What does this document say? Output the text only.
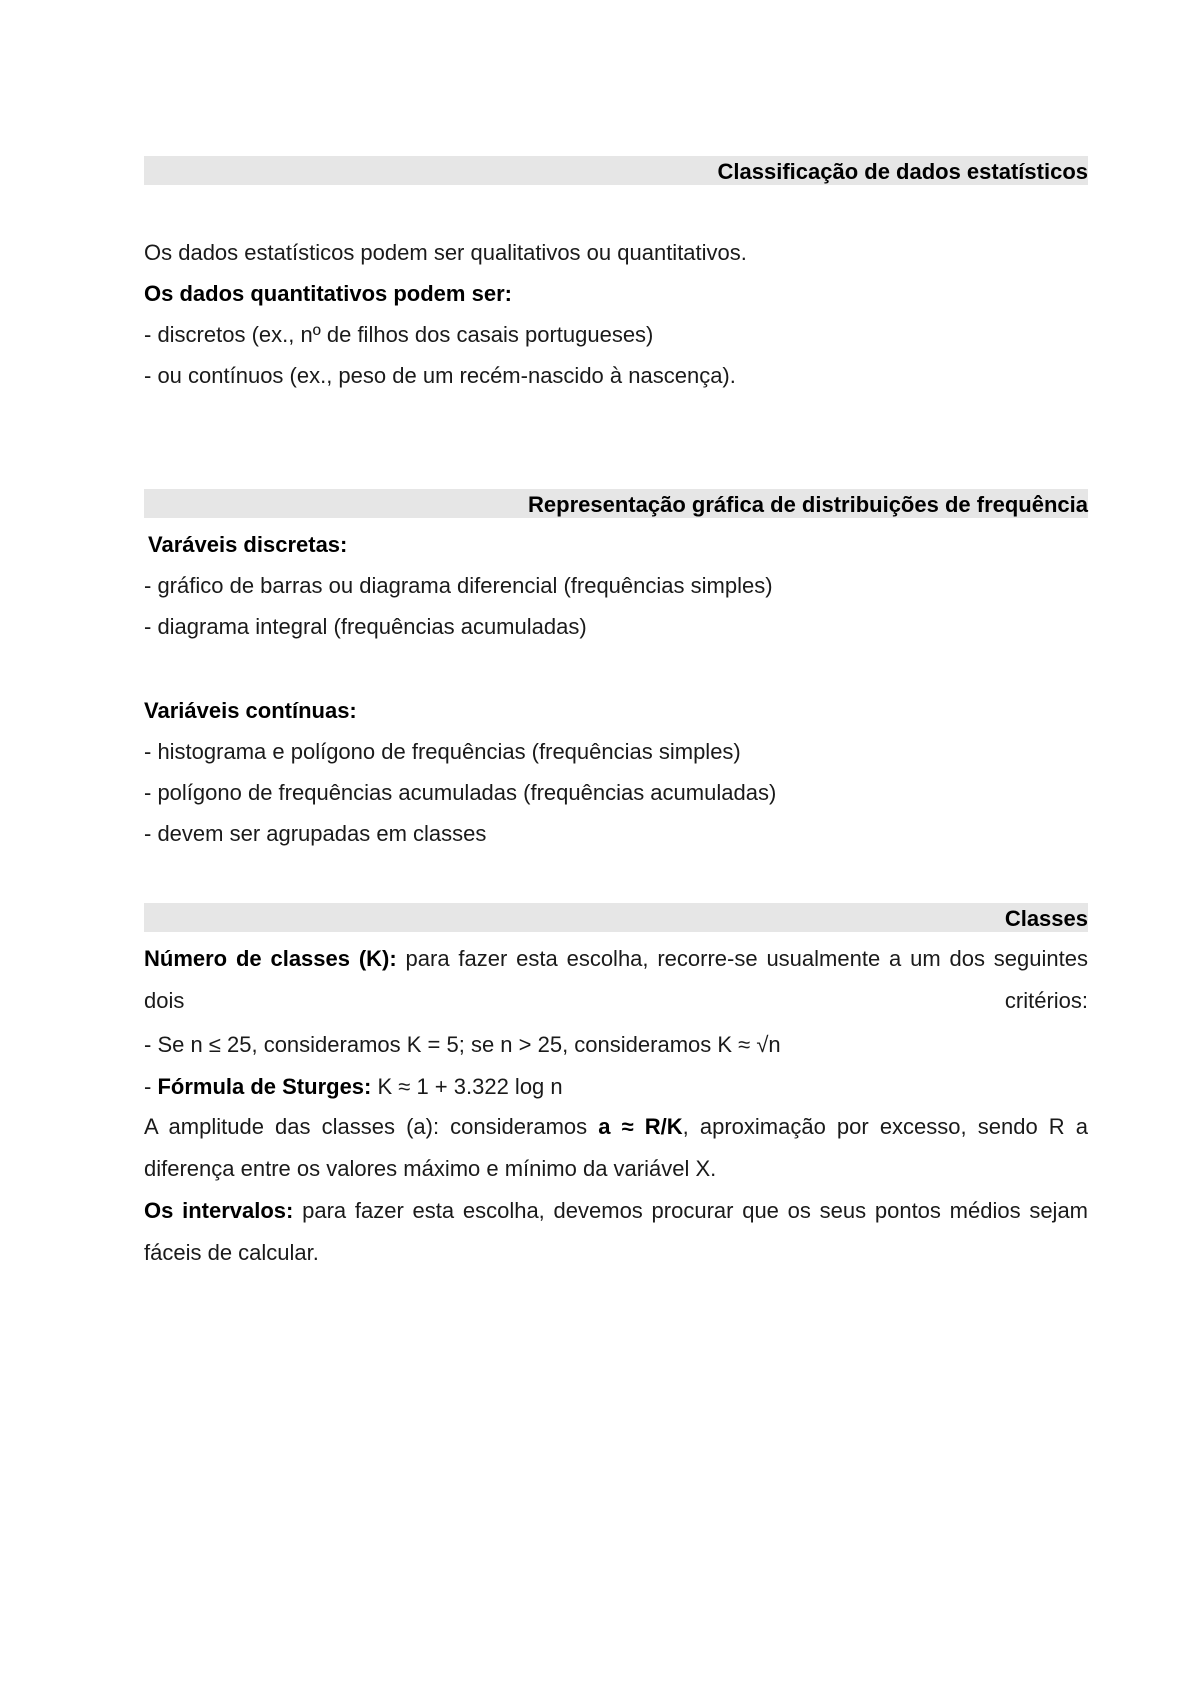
Classificação de dados estatísticos
Os dados estatísticos podem ser qualitativos ou quantitativos.
Os dados quantitativos podem ser:
- discretos (ex., nº de filhos dos casais portugueses)
- ou contínuos (ex., peso de um recém-nascido à nascença).
Representação gráfica de distribuições de frequência
Varáveis discretas:
- gráfico de barras ou diagrama diferencial (frequências simples)
- diagrama integral (frequências acumuladas)
Variáveis contínuas:
- histograma e polígono de frequências (frequências simples)
- polígono de frequências acumuladas (frequências acumuladas)
- devem ser agrupadas em classes
Classes
Número de classes (K): para fazer esta escolha, recorre-se usualmente a um dos seguintes dois critérios:
- Se n ≤ 25, consideramos K = 5; se n > 25, consideramos K ≈ √n
- Fórmula de Sturges: K ≈ 1 + 3.322 log n
A amplitude das classes (a): consideramos a ≈ R/K, aproximação por excesso, sendo R a diferença entre os valores máximo e mínimo da variável X.
Os intervalos: para fazer esta escolha, devemos procurar que os seus pontos médios sejam fáceis de calcular.
